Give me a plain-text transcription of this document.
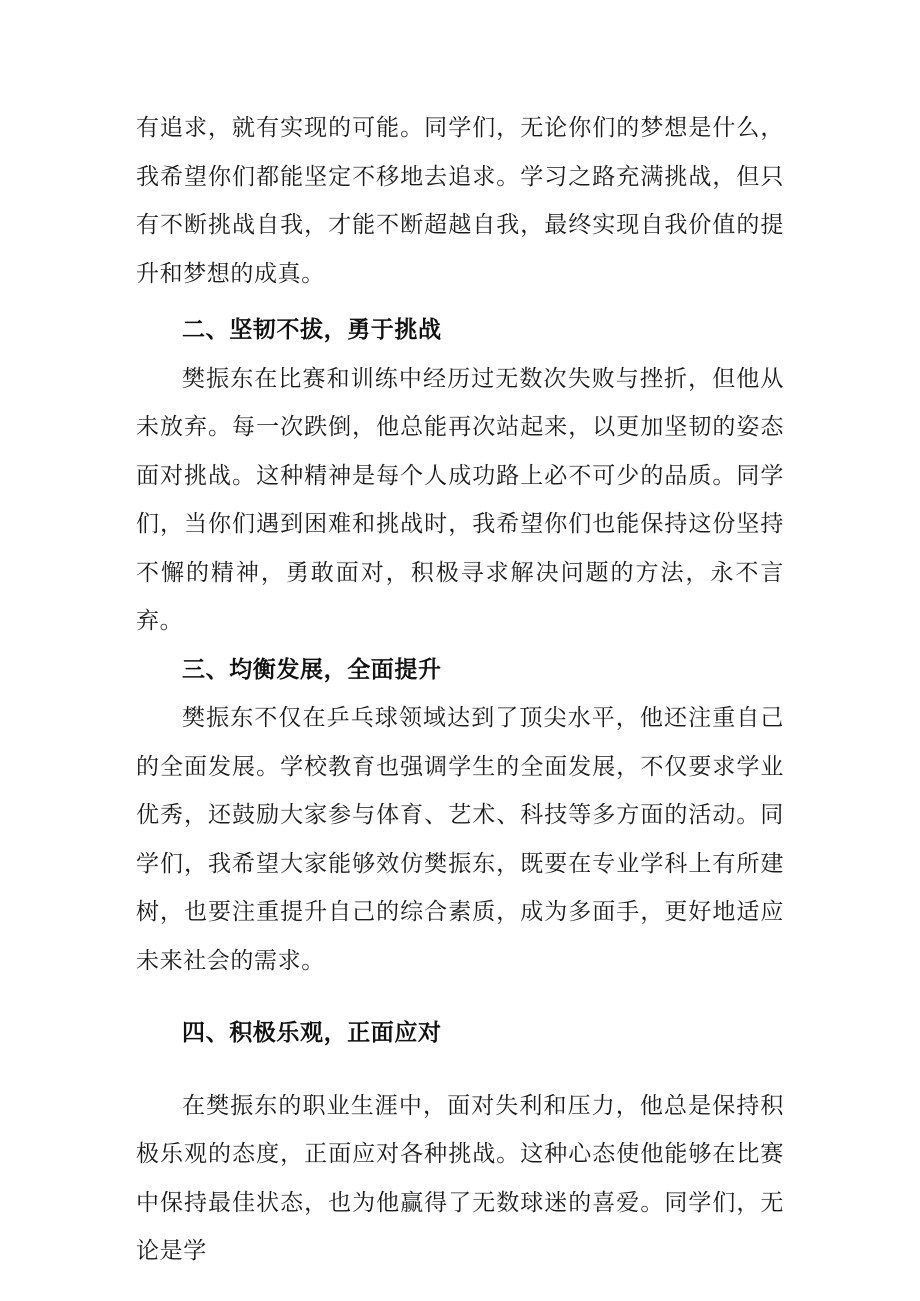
有追求，就有实现的可能。同学们，无论你们的梦想是什么，我希望你们都能坚定不移地去追求。学习之路充满挑战，但只有不断挑战自我，才能不断超越自我，最终实现自我价值的提升和梦想的成真。

二、坚韧不拔，勇于挑战

樊振东在比赛和训练中经历过无数次失败与挫折，但他从未放弃。每一次跌倒，他总能再次站起来，以更加坚韧的姿态面对挑战。这种精神是每个人成功路上必不可少的品质。同学们，当你们遇到困难和挑战时，我希望你们也能保持这份坚持不懈的精神，勇敢面对，积极寻求解决问题的方法，永不言弃。

三、均衡发展，全面提升

樊振东不仅在乒乓球领域达到了顶尖水平，他还注重自己的全面发展。学校教育也强调学生的全面发展，不仅要求学业优秀，还鼓励大家参与体育、艺术、科技等多方面的活动。同学们，我希望大家能够效仿樊振东，既要在专业学科上有所建树，也要注重提升自己的综合素质，成为多面手，更好地适应未来社会的需求。

四、积极乐观，正面应对

在樊振东的职业生涯中，面对失利和压力，他总是保持积极乐观的态度，正面应对各种挑战。这种心态使他能够在比赛中保持最佳状态，也为他赢得了无数球迷的喜爱。同学们，无论是学
